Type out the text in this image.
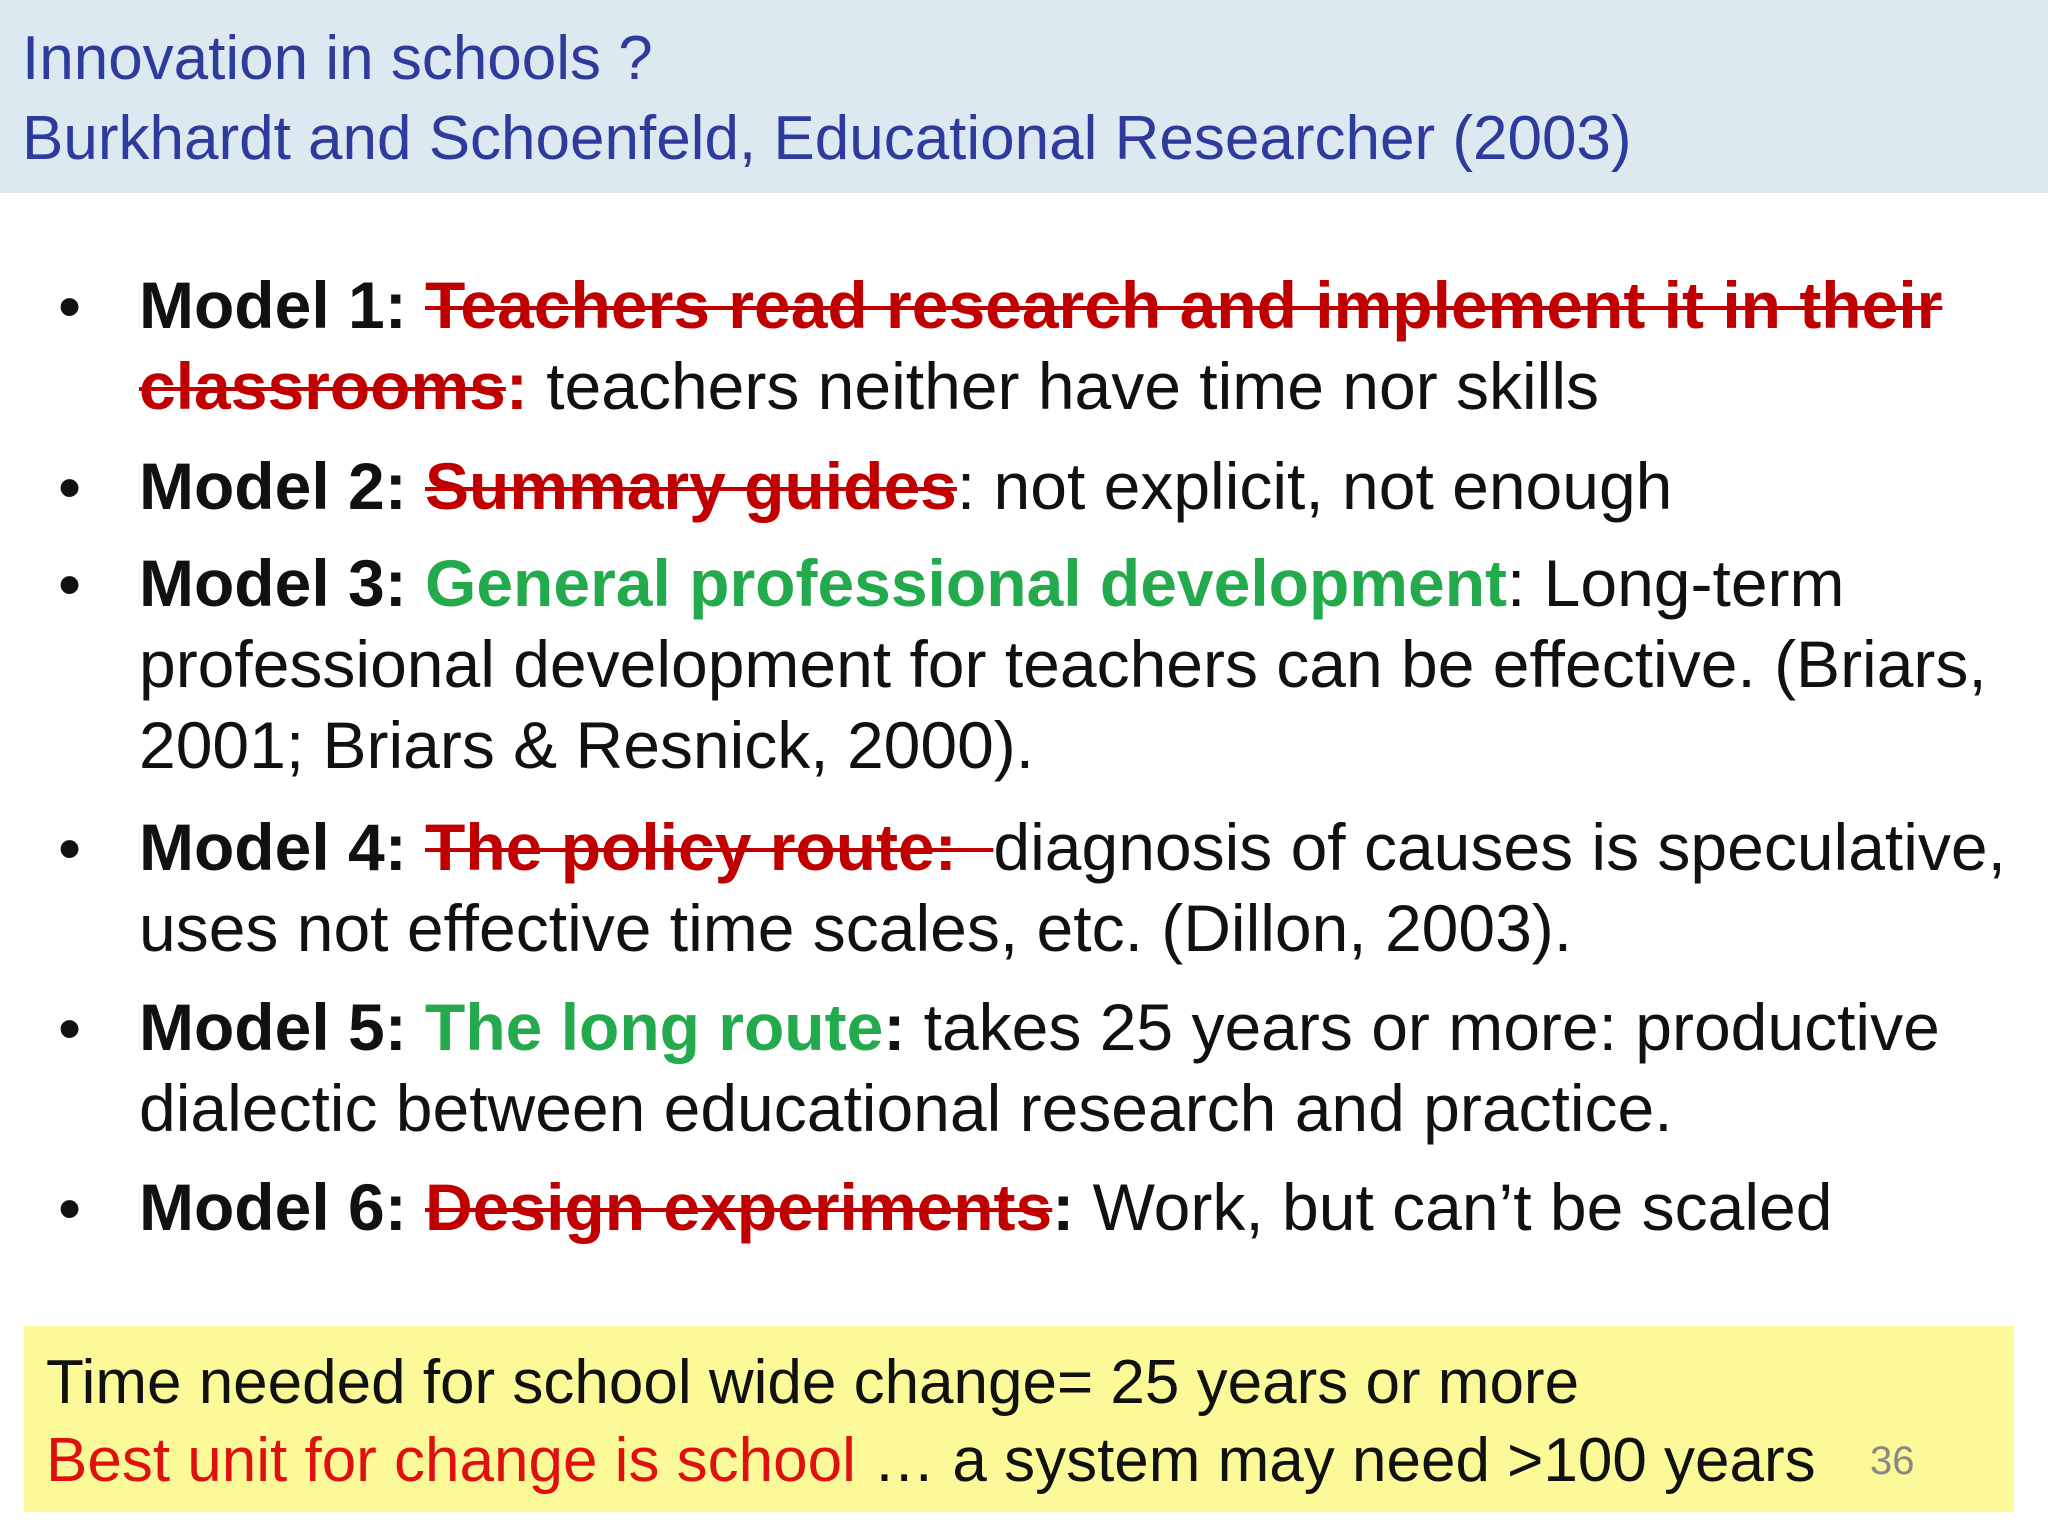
Innovation in schools ?
Burkhardt and Schoenfeld, Educational Researcher (2003)
• Model 1: Teachers read research and implement it in their classrooms: teachers neither have time nor skills
• Model 2: Summary guides: not explicit, not enough
• Model 3: General professional development: Long-term professional development for teachers can be effective. (Briars, 2001; Briars & Resnick, 2000).
• Model 4: The policy route:  diagnosis of causes is speculative, uses not effective time scales, etc. (Dillon, 2003).
• Model 5: The long route: takes 25 years or more: productive dialectic between educational research and practice.
• Model 6: Design experiments: Work, but can’t be scaled
Time needed for school wide change= 25 years or more
Best unit for change is school … a system may need >100 years 36
